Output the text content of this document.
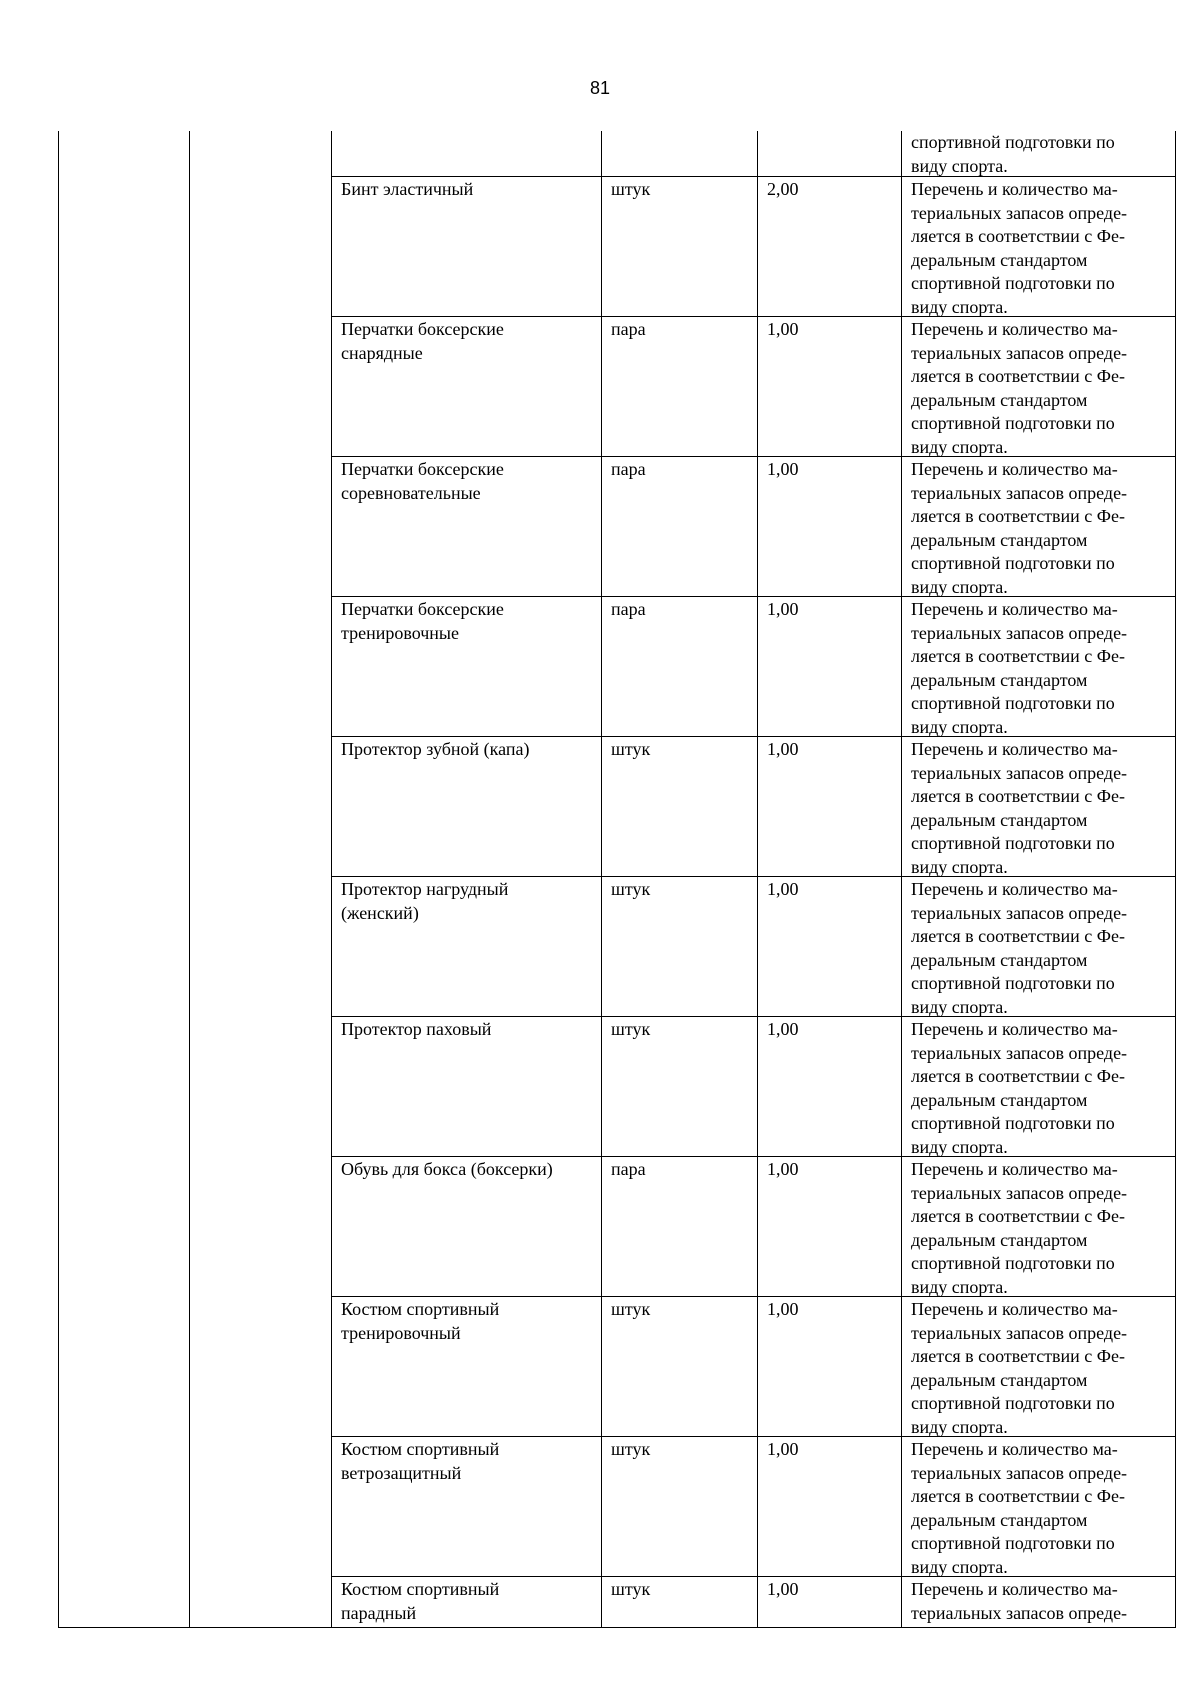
81
спортивной подготовки по
виду спорта.
Бинт эластичный	штук	2,00	Перечень и количество ма-
териальных запасов опреде-
ляется в соответствии с Фе-
деральным стандартом
спортивной подготовки по
виду спорта.
Перчатки боксерские
снарядные
пара	1,00	Перечень и количество ма-
териальных запасов опреде-
ляется в соответствии с Фе-
деральным стандартом
спортивной подготовки по
виду спорта.
Перчатки боксерские
соревновательные
пара	1,00	Перечень и количество ма-
териальных запасов опреде-
ляется в соответствии с Фе-
деральным стандартом
спортивной подготовки по
виду спорта.
Перчатки боксерские
тренировочные
пара	1,00	Перечень и количество ма-
териальных запасов опреде-
ляется в соответствии с Фе-
деральным стандартом
спортивной подготовки по
виду спорта.
Протектор зубной (капа)	штук	1,00	Перечень и количество ма-
териальных запасов опреде-
ляется в соответствии с Фе-
деральным стандартом
спортивной подготовки по
виду спорта.
Протектор нагрудный
(женский)
штук	1,00	Перечень и количество ма-
териальных запасов опреде-
ляется в соответствии с Фе-
деральным стандартом
спортивной подготовки по
виду спорта.
Протектор паховый	штук	1,00	Перечень и количество ма-
териальных запасов опреде-
ляется в соответствии с Фе-
деральным стандартом
спортивной подготовки по
виду спорта.
Обувь для бокса (боксерки)	пара	1,00	Перечень и количество ма-
териальных запасов опреде-
ляется в соответствии с Фе-
деральным стандартом
спортивной подготовки по
виду спорта.
Костюм спортивный
тренировочный
штук	1,00	Перечень и количество ма-
териальных запасов опреде-
ляется в соответствии с Фе-
деральным стандартом
спортивной подготовки по
виду спорта.
Костюм спортивный
ветрозащитный
штук	1,00	Перечень и количество ма-
териальных запасов опреде-
ляется в соответствии с Фе-
деральным стандартом
спортивной подготовки по
виду спорта.
Костюм спортивный
парадный
штук	1,00	Перечень и количество ма-
териальных запасов опреде-
